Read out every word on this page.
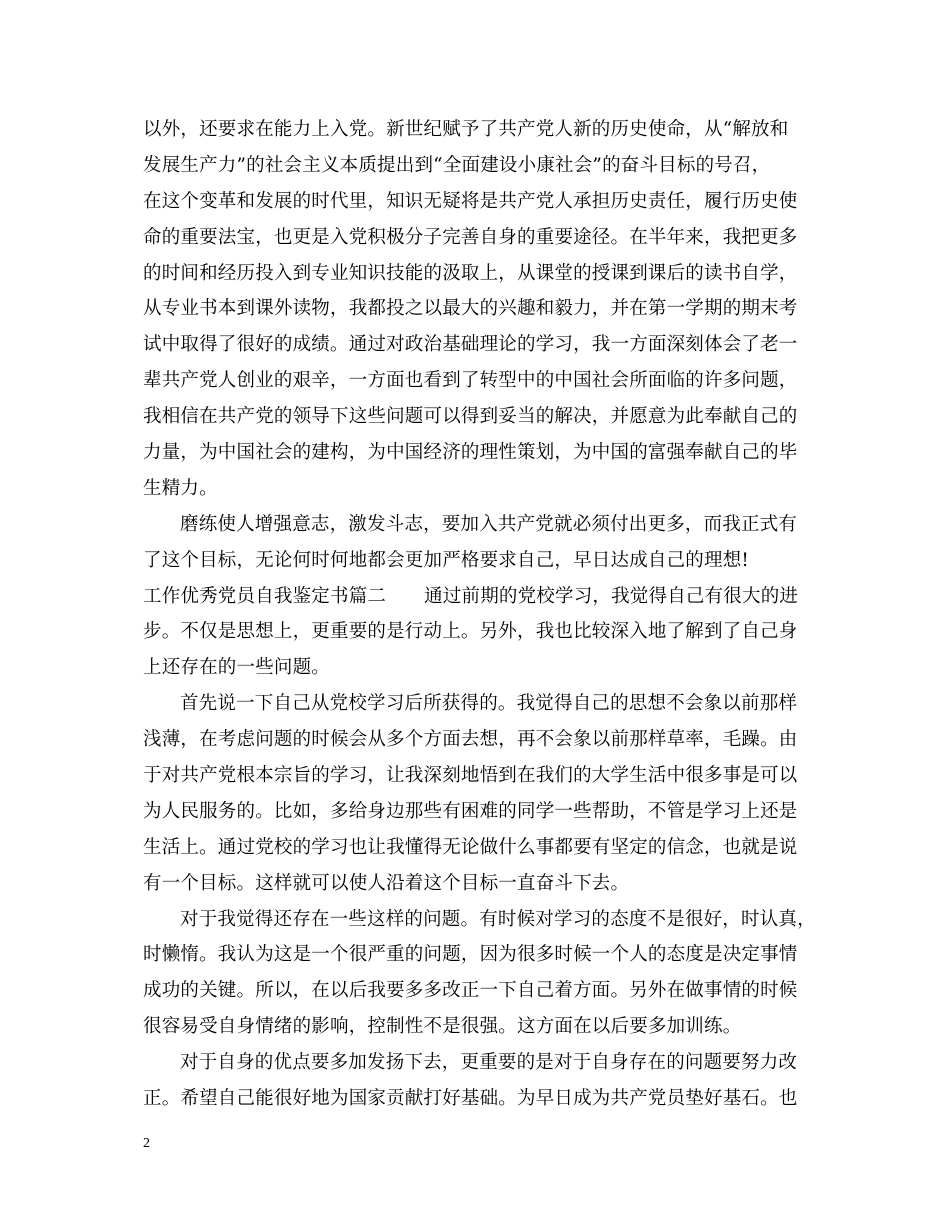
以外，还要求在能力上入党。新世纪赋予了共产党人新的历史使命，从“解放和
发展生产力”的社会主义本质提出到“全面建设小康社会”的奋斗目标的号召，
在这个变革和发展的时代里，知识无疑将是共产党人承担历史责任，履行历史使
命的重要法宝，也更是入党积极分子完善自身的重要途径。在半年来，我把更多
的时间和经历投入到专业知识技能的汲取上，从课堂的授课到课后的读书自学，
从专业书本到课外读物，我都投之以最大的兴趣和毅力，并在第一学期的期末考
试中取得了很好的成绩。通过对政治基础理论的学习，我一方面深刻体会了老一
辈共产党人创业的艰辛，一方面也看到了转型中的中国社会所面临的许多问题，
我相信在共产党的领导下这些问题可以得到妥当的解决，并愿意为此奉献自己的
力量，为中国社会的建构，为中国经济的理性策划，为中国的富强奉献自己的毕
生精力。
磨练使人增强意志，激发斗志，要加入共产党就必须付出更多，而我正式有
了这个目标，无论何时何地都会更加严格要求自己，早日达成自己的理想!
工作优秀党员自我鉴定书篇二 通过前期的党校学习，我觉得自己有很大的进
步。不仅是思想上，更重要的是行动上。另外，我也比较深入地了解到了自己身
上还存在的一些问题。
首先说一下自己从党校学习后所获得的。我觉得自己的思想不会象以前那样
浅薄，在考虑问题的时候会从多个方面去想，再不会象以前那样草率，毛躁。由
于对共产党根本宗旨的学习，让我深刻地悟到在我们的大学生活中很多事是可以
为人民服务的。比如，多给身边那些有困难的同学一些帮助，不管是学习上还是
生活上。通过党校的学习也让我懂得无论做什么事都要有坚定的信念，也就是说
有一个目标。这样就可以使人沿着这个目标一直奋斗下去。
对于我觉得还存在一些这样的问题。有时候对学习的态度不是很好，时认真，
时懒惰。我认为这是一个很严重的问题，因为很多时候一个人的态度是决定事情
成功的关键。所以，在以后我要多多改正一下自己着方面。另外在做事情的时候
很容易受自身情绪的影响，控制性不是很强。这方面在以后要多加训练。
对于自身的优点要多加发扬下去，更重要的是对于自身存在的问题要努力改
正。希望自己能很好地为国家贡献打好基础。为早日成为共产党员垫好基石。也
2
